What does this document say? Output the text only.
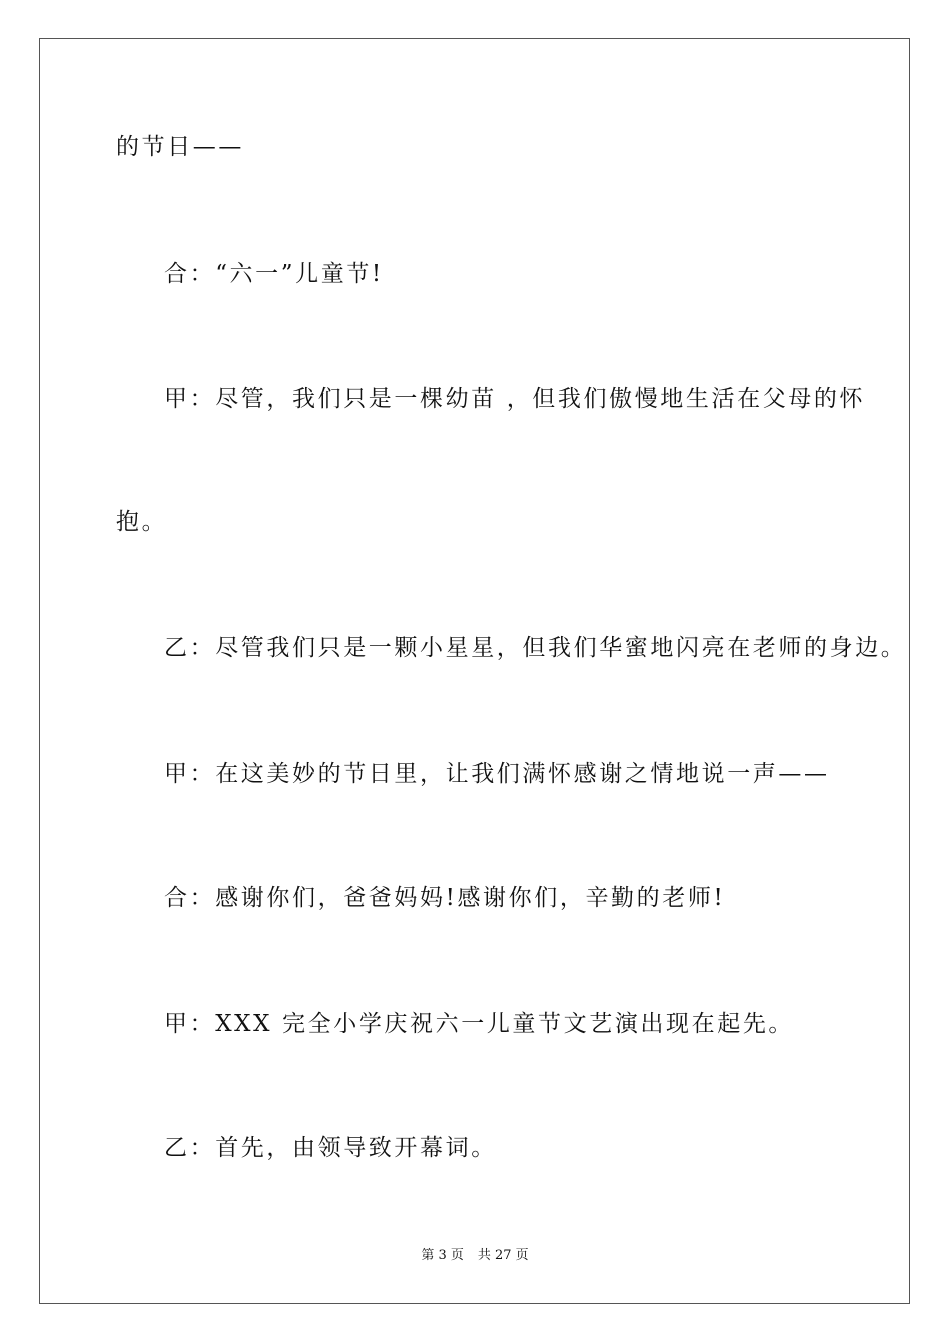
的节日——
合：“六一”儿童节!
甲：尽管，我们只是一棵幼苗 ，但我们傲慢地生活在父母的怀
抱。
乙：尽管我们只是一颗小星星，但我们华蜜地闪亮在老师的身边。
甲：在这美妙的节日里，让我们满怀感谢之情地说一声——
合：感谢你们，爸爸妈妈!感谢你们，辛勤的老师!
甲：XXX 完全小学庆祝六一儿童节文艺演出现在起先。
乙：首先，由领导致开幕词。
第 3 页 共 27 页
